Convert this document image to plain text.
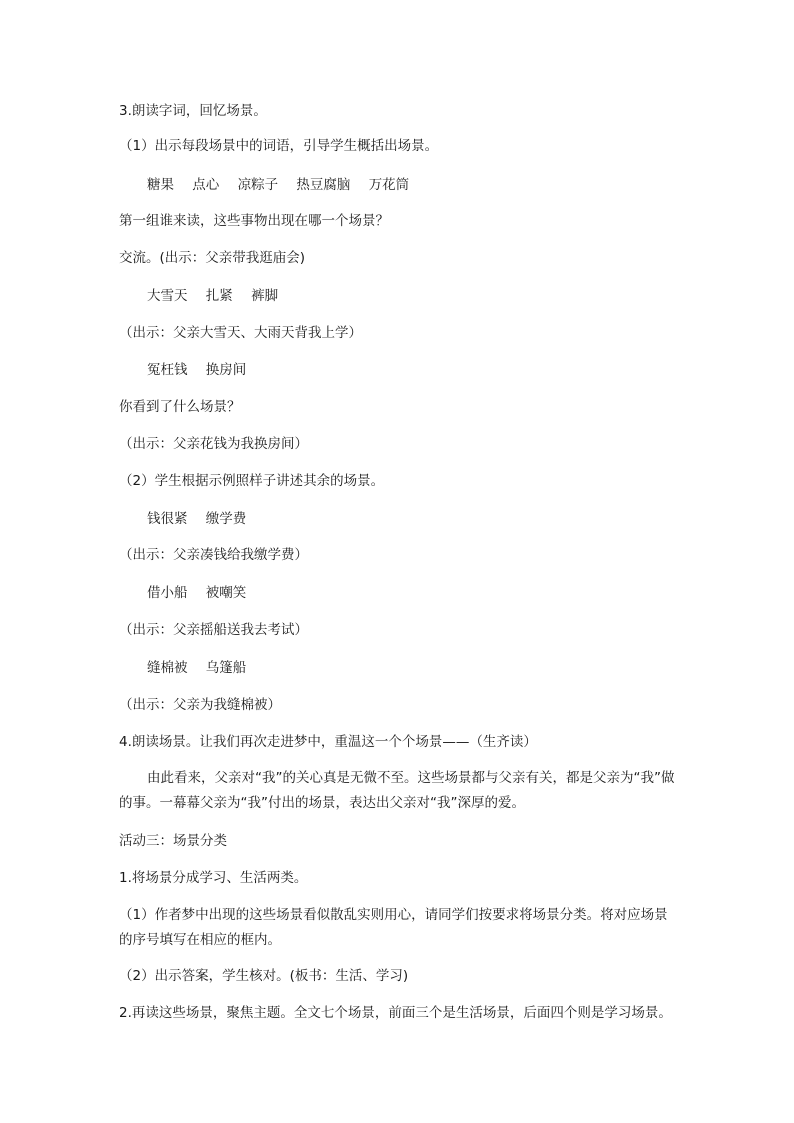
3.朗读字词，回忆场景。

（1）出示每段场景中的词语，引导学生概括出场景。

糖果 点心 凉粽子 热豆腐脑 万花筒

第一组谁来读，这些事物出现在哪一个场景？

交流。(出示：父亲带我逛庙会)

大雪天 扎紧 裤脚

（出示：父亲大雪天、大雨天背我上学）

冤枉钱 换房间

你看到了什么场景？

（出示：父亲花钱为我换房间）

（2）学生根据示例照样子讲述其余的场景。

钱很紧 缴学费

（出示：父亲凑钱给我缴学费）

借小船 被嘲笑

（出示：父亲摇船送我去考试）

缝棉被 乌篷船

（出示：父亲为我缝棉被）

4.朗读场景。让我们再次走进梦中，重温这一个个场景——（生齐读）

由此看来，父亲对“我”的关心真是无微不至。这些场景都与父亲有关，都是父亲为“我”做的事。一幕幕父亲为“我”付出的场景，表达出父亲对“我”深厚的爱。

活动三：场景分类

1.将场景分成学习、生活两类。

（1）作者梦中出现的这些场景看似散乱实则用心，请同学们按要求将场景分类。将对应场景的序号填写在相应的框内。

（2）出示答案，学生核对。(板书：生活、学习)

2.再读这些场景，聚焦主题。全文七个场景，前面三个是生活场景，后面四个则是学习场景。
